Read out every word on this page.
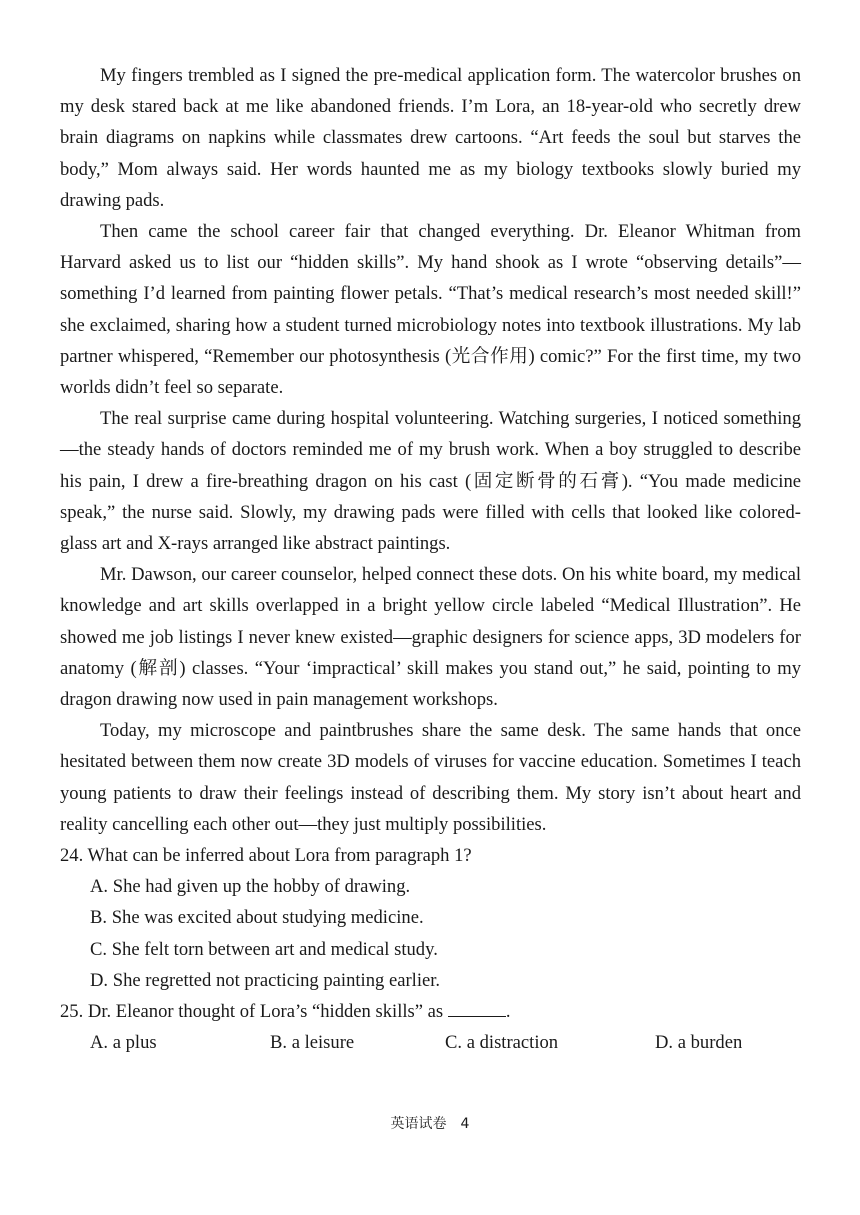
My fingers trembled as I signed the pre-medical application form. The watercolor brushes on my desk stared back at me like abandoned friends. I’m Lora, an 18-year-old who secretly drew brain diagrams on napkins while classmates drew cartoons. “Art feeds the soul but starves the body,” Mom always said. Her words haunted me as my biology textbooks slowly buried my drawing pads.

Then came the school career fair that changed everything. Dr. Eleanor Whitman from Harvard asked us to list our “hidden skills”. My hand shook as I wrote “observing details”— something I’d learned from painting flower petals. “That’s medical research’s most needed skill!” she exclaimed, sharing how a student turned microbiology notes into textbook illustrations. My lab partner whispered, “Remember our photosynthesis (光合作用) comic?” For the first time, my two worlds didn’t feel so separate.

The real surprise came during hospital volunteering. Watching surgeries, I noticed something—the steady hands of doctors reminded me of my brush work. When a boy struggled to describe his pain, I drew a fire-breathing dragon on his cast (固定断骨的石膏). “You made medicine speak,” the nurse said. Slowly, my drawing pads were filled with cells that looked like colored-glass art and X-rays arranged like abstract paintings.

Mr. Dawson, our career counselor, helped connect these dots. On his white board, my medical knowledge and art skills overlapped in a bright yellow circle labeled “Medical Illustration”. He showed me job listings I never knew existed—graphic designers for science apps, 3D modelers for anatomy (解剖) classes. “Your ‘impractical’ skill makes you stand out,” he said, pointing to my dragon drawing now used in pain management workshops.

Today, my microscope and paintbrushes share the same desk. The same hands that once hesitated between them now create 3D models of viruses for vaccine education. Sometimes I teach young patients to draw their feelings instead of describing them. My story isn’t about heart and reality cancelling each other out—they just multiply possibilities.

24. What can be inferred about Lora from paragraph 1?

A. She had given up the hobby of drawing.

B. She was excited about studying medicine.

C. She felt torn between art and medical study.

D. She regretted not practicing painting earlier.

25. Dr. Eleanor thought of Lora’s “hidden skills” as	.

A. a plus	B. a leisure	C. a distraction	D. a burden
英语试卷 4
